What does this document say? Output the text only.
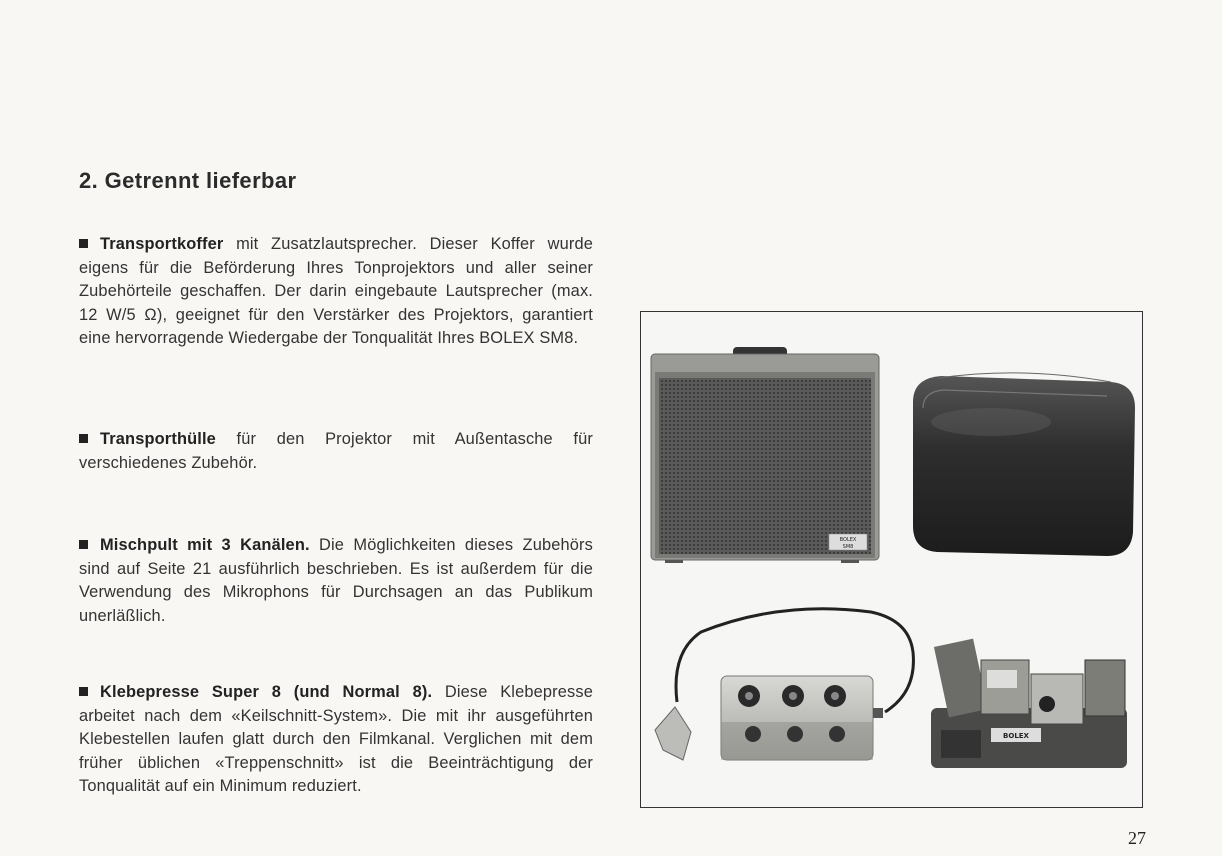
2. Getrennt lieferbar
Transportkoffer mit Zusatzlautsprecher. Dieser Koffer wurde eigens für die Beförderung Ihres Tonprojektors und aller seiner Zubehörteile geschaffen. Der darin eingebaute Lautsprecher (max. 12 W/5 Ω), geeignet für den Verstärker des Projektors, garantiert eine hervorragende Wiedergabe der Tonqualität Ihres BOLEX SM8.
Transporthülle für den Projektor mit Außentasche für verschiedenes Zubehör.
Mischpult mit 3 Kanälen. Die Möglichkeiten dieses Zubehörs sind auf Seite 21 ausführlich beschrieben. Es ist außerdem für die Verwendung des Mikrophons für Durchsagen an das Publikum unerläßlich.
Klebepresse Super 8 (und Normal 8). Diese Klebepresse arbeitet nach dem «Keilschnitt-System». Die mit ihr ausgeführten Klebestellen laufen glatt durch den Filmkanal. Verglichen mit dem früher üblichen «Treppenschnitt» ist die Beeinträchtigung der Tonqualität auf ein Minimum reduziert.
BOLEX
SM8
BOLEX
27
